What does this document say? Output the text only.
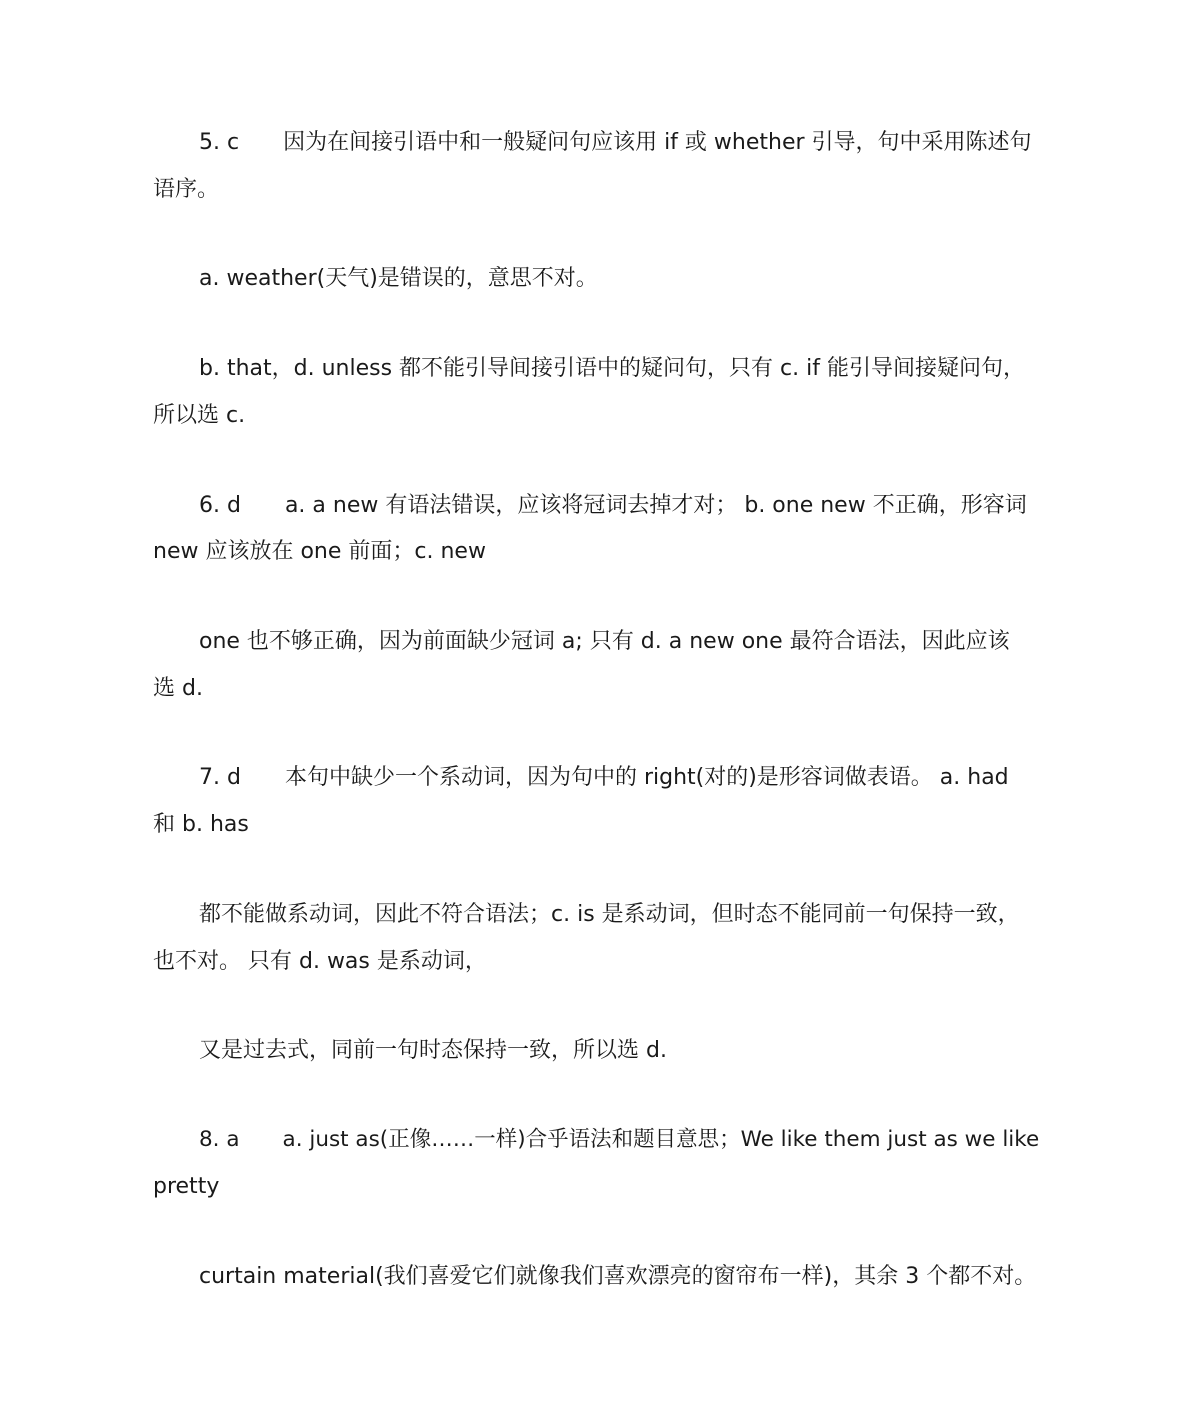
5. c　　因为在间接引语中和一般疑问句应该用 if 或 whether 引导，句中采用陈述句
语序。
a. weather(天气)是错误的，意思不对。
b. that，d. unless 都不能引导间接引语中的疑问句，只有 c. if 能引导间接疑问句，
所以选 c.
6. d　　a. a new 有语法错误，应该将冠词去掉才对； b. one new 不正确，形容词
new 应该放在 one 前面；c. new
one 也不够正确，因为前面缺少冠词 a; 只有 d. a new one 最符合语法，因此应该
选 d.
7. d　　本句中缺少一个系动词，因为句中的 right(对的)是形容词做表语。 a. had
和 b. has
都不能做系动词，因此不符合语法；c. is 是系动词，但时态不能同前一句保持一致，
也不对。 只有 d. was 是系动词，
又是过去式，同前一句时态保持一致，所以选 d.
8. a　　a. just as(正像……一样)合乎语法和题目意思；We like them just as we like
pretty
curtain material(我们喜爱它们就像我们喜欢漂亮的窗帘布一样)，其余 3 个都不对。
